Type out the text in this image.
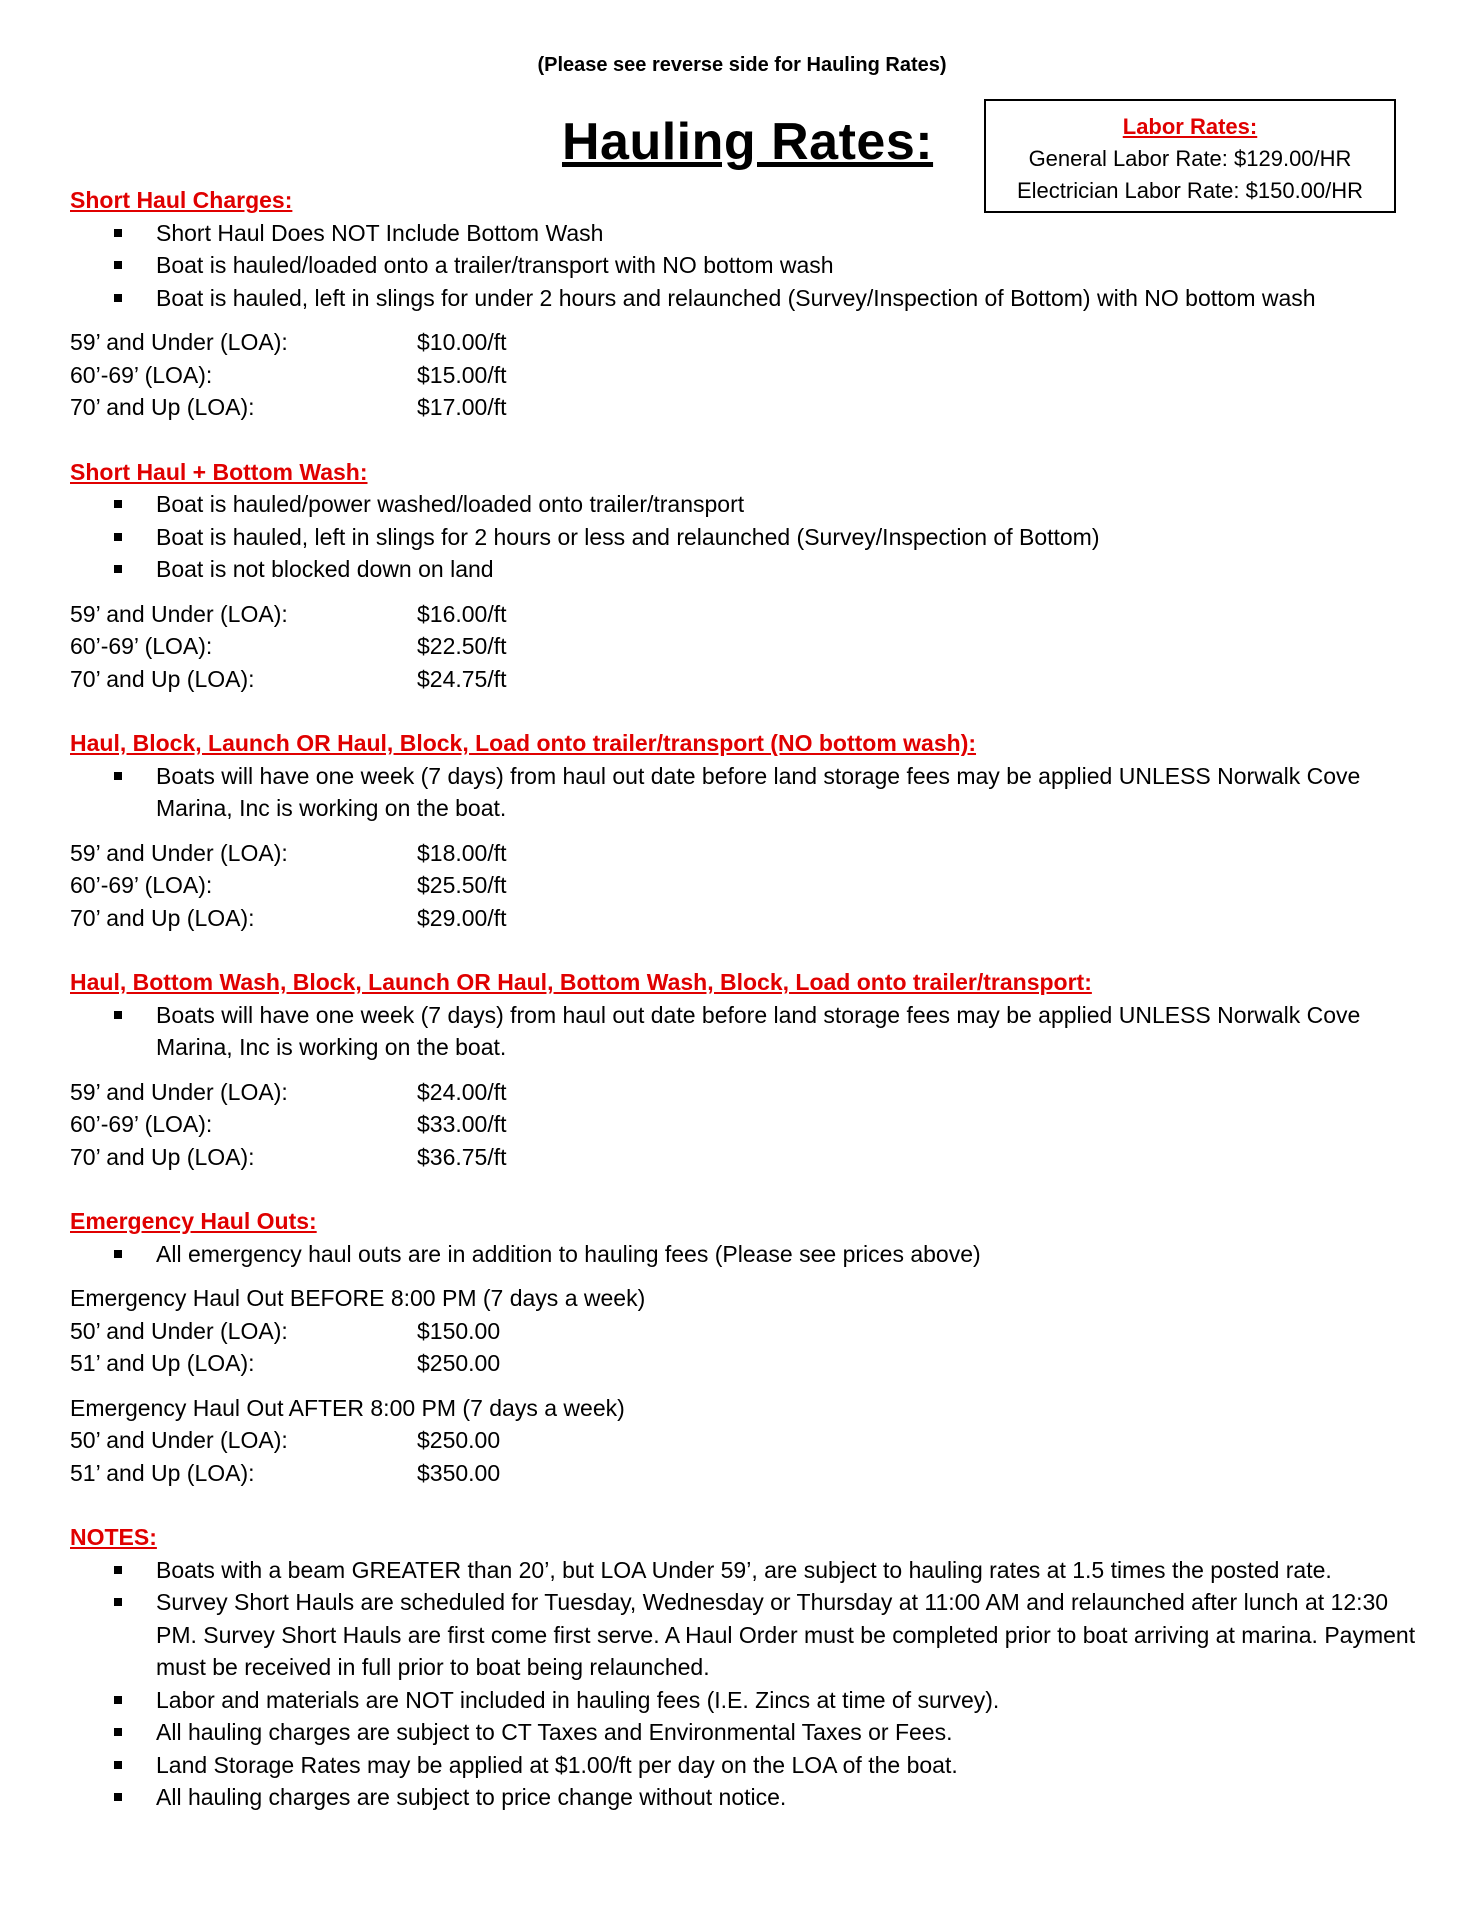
(Please see reverse side for Hauling Rates)
Hauling Rates:	Labor Rates:
General Labor Rate: $129.00/HR
Electrician Labor Rate: $150.00/HR
Short Haul Charges:
Short Haul Does NOT Include Bottom Wash
Boat is hauled/loaded onto a trailer/transport with NO bottom wash
Boat is hauled, left in slings for under 2 hours and relaunched (Survey/Inspection of Bottom) with NO bottom wash
59’ and Under (LOA):	$10.00/ft
60’-69’ (LOA):	$15.00/ft
70’ and Up (LOA):	$17.00/ft
Short Haul + Bottom Wash:
Boat is hauled/power washed/loaded onto trailer/transport
Boat is hauled, left in slings for 2 hours or less and relaunched (Survey/Inspection of Bottom)
Boat is not blocked down on land
59’ and Under (LOA):	$16.00/ft
60’-69’ (LOA):	$22.50/ft
70’ and Up (LOA):	$24.75/ft
Haul, Block, Launch OR Haul, Block, Load onto trailer/transport (NO bottom wash):
Boats will have one week (7 days) from haul out date before land storage fees may be applied UNLESS Norwalk Cove Marina, Inc is working on the boat.
59’ and Under (LOA):	$18.00/ft
60’-69’ (LOA):	$25.50/ft
70’ and Up (LOA):	$29.00/ft
Haul, Bottom Wash, Block, Launch OR Haul, Bottom Wash, Block, Load onto trailer/transport:
Boats will have one week (7 days) from haul out date before land storage fees may be applied UNLESS Norwalk Cove Marina, Inc is working on the boat.
59’ and Under (LOA):	$24.00/ft
60’-69’ (LOA):	$33.00/ft
70’ and Up (LOA):	$36.75/ft
Emergency Haul Outs:
All emergency haul outs are in addition to hauling fees (Please see prices above)
Emergency Haul Out BEFORE 8:00 PM (7 days a week)
50’ and Under (LOA):	$150.00
51’ and Up (LOA):	$250.00
Emergency Haul Out AFTER 8:00 PM (7 days a week)
50’ and Under (LOA):	$250.00
51’ and Up (LOA):	$350.00
NOTES:
Boats with a beam GREATER than 20’, but LOA Under 59’, are subject to hauling rates at 1.5 times the posted rate.
Survey Short Hauls are scheduled for Tuesday, Wednesday or Thursday at 11:00 AM and relaunched after lunch at 12:30 PM. Survey Short Hauls are first come first serve. A Haul Order must be completed prior to boat arriving at marina. Payment must be received in full prior to boat being relaunched.
Labor and materials are NOT included in hauling fees (I.E. Zincs at time of survey).
All hauling charges are subject to CT Taxes and Environmental Taxes or Fees.
Land Storage Rates may be applied at $1.00/ft per day on the LOA of the boat.
All hauling charges are subject to price change without notice.
